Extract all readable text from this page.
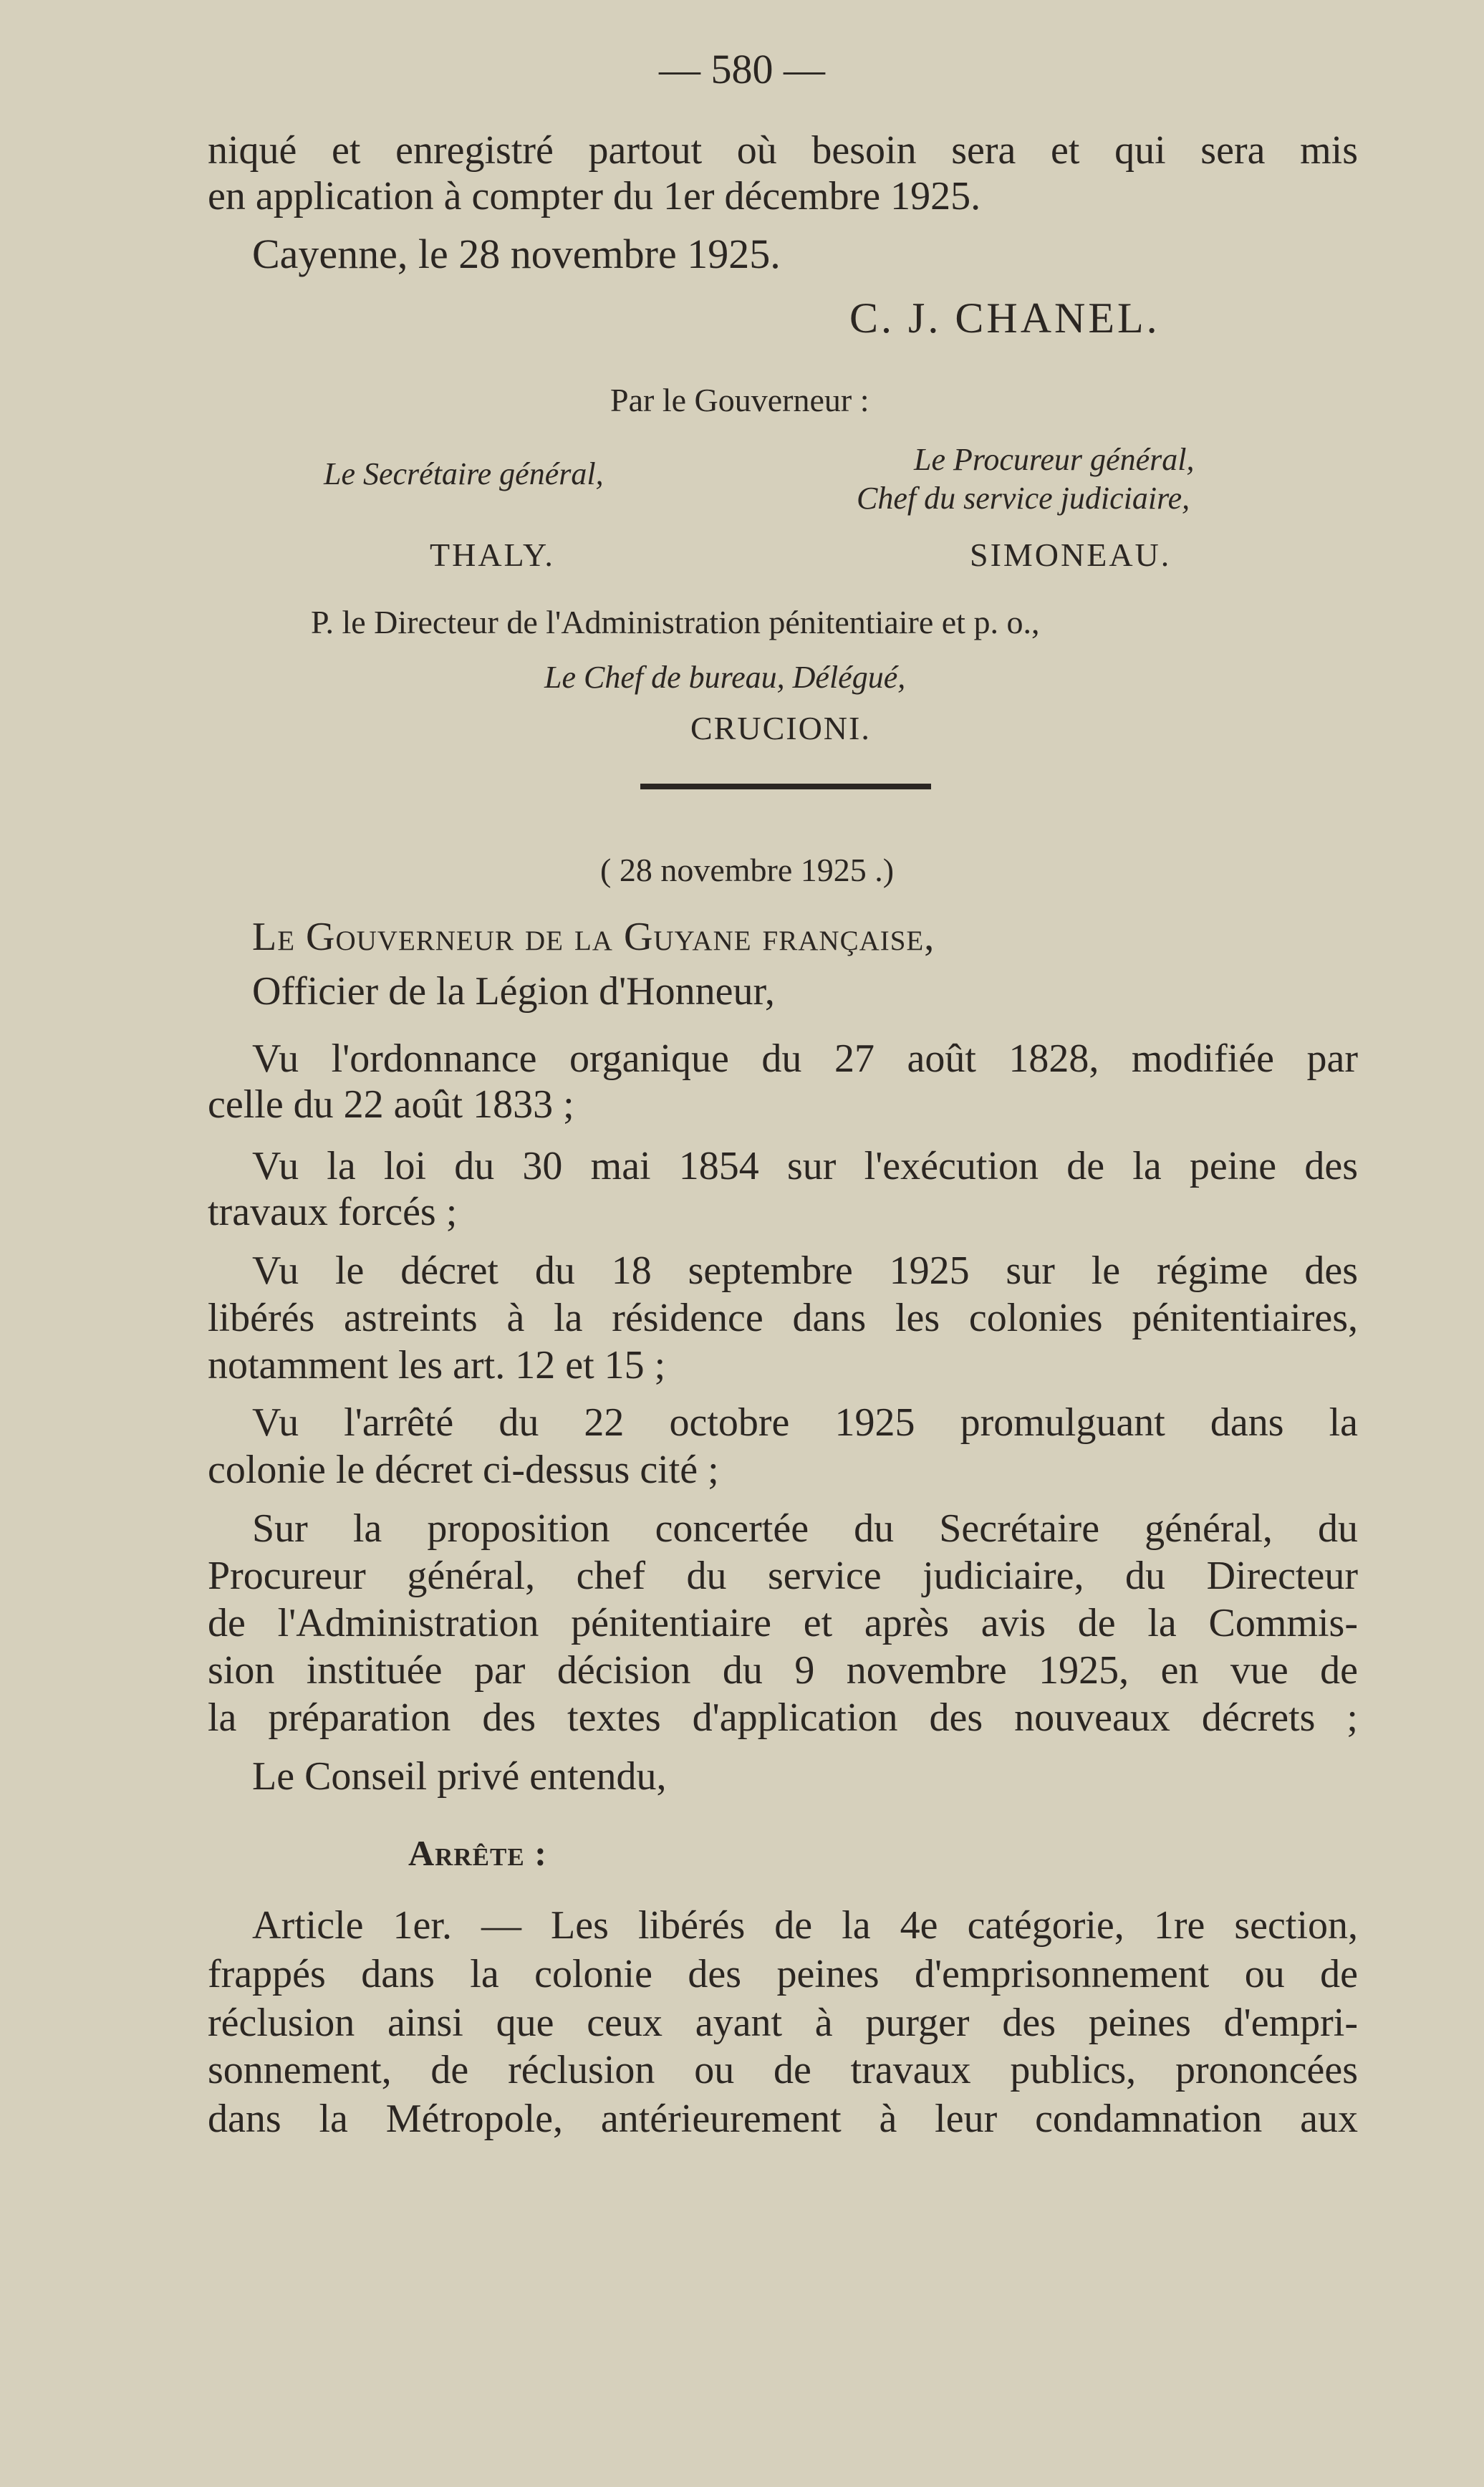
— 580 —
niqué et enregistré partout où besoin sera et qui sera mis
en application à compter du 1er décembre 1925.
Cayenne, le 28 novembre 1925.
C. J. CHANEL.
Par le Gouverneur :
Le Secrétaire général,	Le Procureur général,
Chef du service judiciaire,
THALY.	SIMONEAU.
P. le Directeur de l'Administration pénitentiaire et p. o.,
Le Chef de bureau, Délégué,
CRUCIONI.
( 28 novembre 1925 .)
Le Gouverneur de la Guyane française,
Officier de la Légion d'Honneur,
Vu l'ordonnance organique du 27 août 1828, modifiée par
celle du 22 août 1833 ;
Vu la loi du 30 mai 1854 sur l'exécution de la peine des
travaux forcés ;
Vu le décret du 18 septembre 1925 sur le régime des
libérés astreints à la résidence dans les colonies pénitentiaires,
notamment les art. 12 et 15 ;
Vu l'arrêté du 22 octobre 1925 promulguant dans la
colonie le décret ci-dessus cité ;
Sur la proposition concertée du Secrétaire général, du
Procureur général, chef du service judiciaire, du Directeur
de l'Administration pénitentiaire et après avis de la Commis-
sion instituée par décision du 9 novembre 1925, en vue de
la préparation des textes d'application des nouveaux décrets ;
Le Conseil privé entendu,
Arrête :
Article 1er. — Les libérés de la 4e catégorie, 1re section,
frappés dans la colonie des peines d'emprisonnement ou de
réclusion ainsi que ceux ayant à purger des peines d'empri-
sonnement, de réclusion ou de travaux publics, prononcées
dans la Métropole, antérieurement à leur condamnation aux
